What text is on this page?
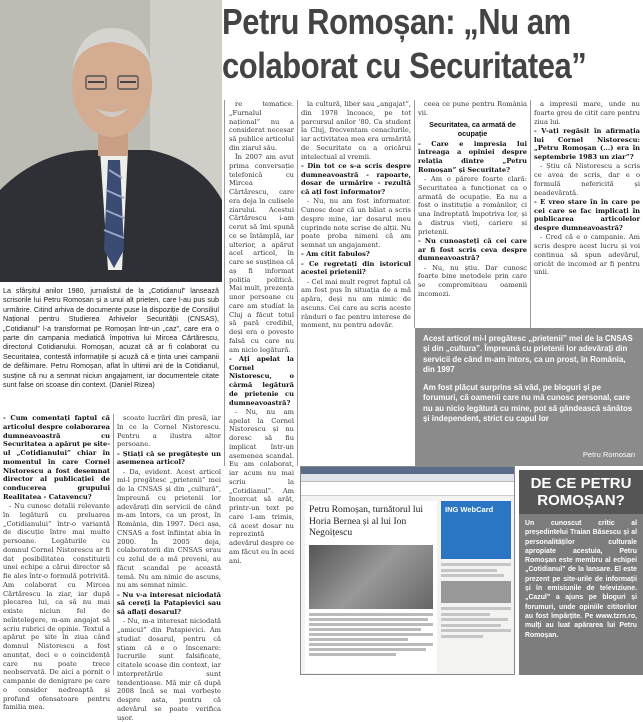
Petru Romoșan: „Nu am
colaborat cu Securitatea”
La sfârșitul anilor 1980, jurnalistul de la „Cotidianul” lansează scrisorile lui Petru Romoșan și a unui alt prieten, care l-au pus sub urmărire. Citind arhiva de documente puse la dispoziție de Consiliul Național pentru Studierea Arhivelor Securității (CNSAS), „Cotidianul” l-a transformat pe Romoșan într-un „caz”, care era o parte din campania mediatică împotriva lui Mircea Cărtărescu, directorul Cotidianului. Romoșan, acuzat că ar fi colaborat cu Securitatea, contestă informațiile și acuză că e ținta unei campanii de defăimare. Petru Romoșan, aflat în ultimii ani de la Cotidianul, susține că nu a semnat niciun angajament, iar documentele citate sunt false ori scoase din context. (Daniel Rizea)

- Cum comentați faptul că articolul despre colaborarea dumneavoastră cu Securitatea a apărut pe site-ul „Cotidianului” chiar în momentul în care Cornel Nistorescu a fost desemnat director al publicației de conducerea grupului Realitatea - Catavencu?

- Nu cunosc detalii relevante în legătură cu preluarea „Cotidianului” într-o variantă de discuție între mai multe persoane. Legăturile cu domnul Cornel Nistorescu ar fi dat posibilitatea constituirii unei echipe a cărui director să fie ales într-o formulă potrivită. Am colaborat cu Mircea Cărtărescu la ziar, iar după plecarea lui, ca să nu mai existe niciun fel de neînțelegere, m-am angajat să scriu rubrici de opinie. Textul a apărut pe site în ziua când domnul Nistorescu a fost anunțat, deci e o coincidență care nu poate trece neobservată. De aici a pornit o campanie de denigrare pe care o consider nedreaptă și profund ofensatoare pentru familia mea.

scoate lucrări din presă, iar în ce la Cornel Nistorescu. Pentru a ilustra altor persoane.

- Știați că se pregătește un asemenea articol?

- Da, evident. Acest articol mi-l pregătesc „prietenii” mei de la CNSAS și din „cultură”, împreună cu prietenii lor adevărați din servicii de când m-am întors, ca un prost, în România, din 1997. Deci așa, CNSAS a fost înființat abia în 2000. În 2005 deja, colaboratorii din CNSAS erau cu zelul de a mă preveni, au făcut scandal pe această temă. Nu am nimic de ascuns, nu am semnat nimic.

- Nu v-a interesat niciodată să cereți la Patapievici sau să aflați dosarul?

- Nu, m-a interesat niciodată „amicul” din Patapievici. Am studiat dosarul, pentru că știam că e o înscenare: lucrurile sunt falsificate, citatele scoase din context, iar interpretările sunt tendențioase. Mă mir că după 2008 încă se mai vorbește despre asta, pentru că adevărul se poate verifica ușor.

re tematice. „Furnalul național” nu a considerat necesar să publice articolul din ziarul său.

În 2007 am avut prima conversație telefonică cu Mircea Cărtărescu, care era deja în culisele ziarului. Acestui Cărtărescu i-am cerut să îmi spună ce se întâmplă, iar ulterior, a apărut acel articol, în care se susținea că aș fi informat poliția politică. Mai mult, prezența unor persoane cu care am studiat la Cluj a făcut totul să pară credibil, deși era o poveste falsă cu care nu am nicio legătură.

- Ați apelat la Cornel Nistorescu, o cârmă legătură de prietenie cu dumneavoastră?

- Nu, nu am apelat la Cornel Nistorescu și nu doresc să fiu implicat într-un asemenea scandal. Eu am colaborat, iar acum nu mai scriu la „Cotidianul”. Am încercat să arăt, printr-un text pe care l-am trimis, că acest dosar nu reprezintă adevărul despre ce am făcut eu în acei ani.

la cultură, liber sau „angajat”, din 1978 încoace, pe tot parcursul anilor '80. Ca student la Cluj, frecventam cenaclurile, iar activitatea mea era urmărită de Securitate ca a oricărui intelectual al vremii.

- Din tot ce s-a scris despre dumneavoastră - rapoarte, dosar de urmărire - rezultă că ați fost informator?

- Nu, nu am fost informator. Cunosc doar că un băiat a scris despre mine, iar dosarul meu cuprinde note scrise de alții. Nu poate proba nimeni că am semnat un angajament.

- Am citit fabulos?

- Ce regretați din istoricul acestei prietenii?

- Cel mai mult regret faptul că am fost pus în situația de a mă apăra, deși nu am nimic de ascuns. Cei care au scris aceste rânduri o fac pentru interese de moment, nu pentru adevăr.

ceea ce pune pentru România vii.

Securitatea, ca armată de ocupație

- Care e impresia lui întreaga a opiniei despre relația dintre „Petru Romoșan” și Securitate?

- Am o părere foarte clară: Securitatea a funcționat ca o armată de ocupație. Ea nu a fost o instituție a românilor, ci una îndreptată împotriva lor, și a distrus vieți, cariere și prietenii.

- Nu cunoașteți că cei care ar fi fost scris ceva despre dumneavoastră?

- Nu, nu știu. Dar cunosc foarte bine metodele prin care se compromiteau oamenii incomozi.

a impresii mare, unde nu foarte greu de citit care pentru ziua lui.

- V-ați regăsit în afirmația lui Cornel Nistorescu: „Petru Romoșan (...) era în septembrie 1983 un ziar”?

- Știu că Nistorescu a scris ce avea de scris, dar e o formulă nefericită și neadevărată.

- E vreo stare în în care pe cei care se fac implicați în publicarea articolelor despre dumneavoastră?

- Cred că e o campanie. Am scris despre acest lucru și voi continua să spun adevărul, oricât de incomod ar fi pentru unii.

Acest articol mi-l pregătesc „prietenii” mei de la CNSAS și din „cultura”. Împreună cu prietenii lor adevărați din servicii de când m-am întors, ca un prost, în România, din 1997

Am fost plăcut surprins să văd, pe bloguri și pe forumuri, că oamenii care nu mă cunosc personal, care nu au nicio legătură cu mine, pot să gândească sănătos și independent, strict cu capul lor

Petru Romosan
Petru Romoșan, turnătorul lui Horia Bernea și al lui Ion Negoițescu
ING WebCard
DE CE PETRU ROMOȘAN?
Un cunoscut critic al președintelui Traian Băsescu și al personalităților culturale apropiate acestuia, Petru Romoșan este membru al echipei „Cotidianul” de la lansare. El este prezent pe site-urile de informații și în emisiunile de televiziune. „Cazul” a ajuns pe bloguri și forumuri, unde opiniile cititorilor au fost împărțite. Pe www.tzrn.ro, mulți au luat apărarea lui Petru Romoșan.
